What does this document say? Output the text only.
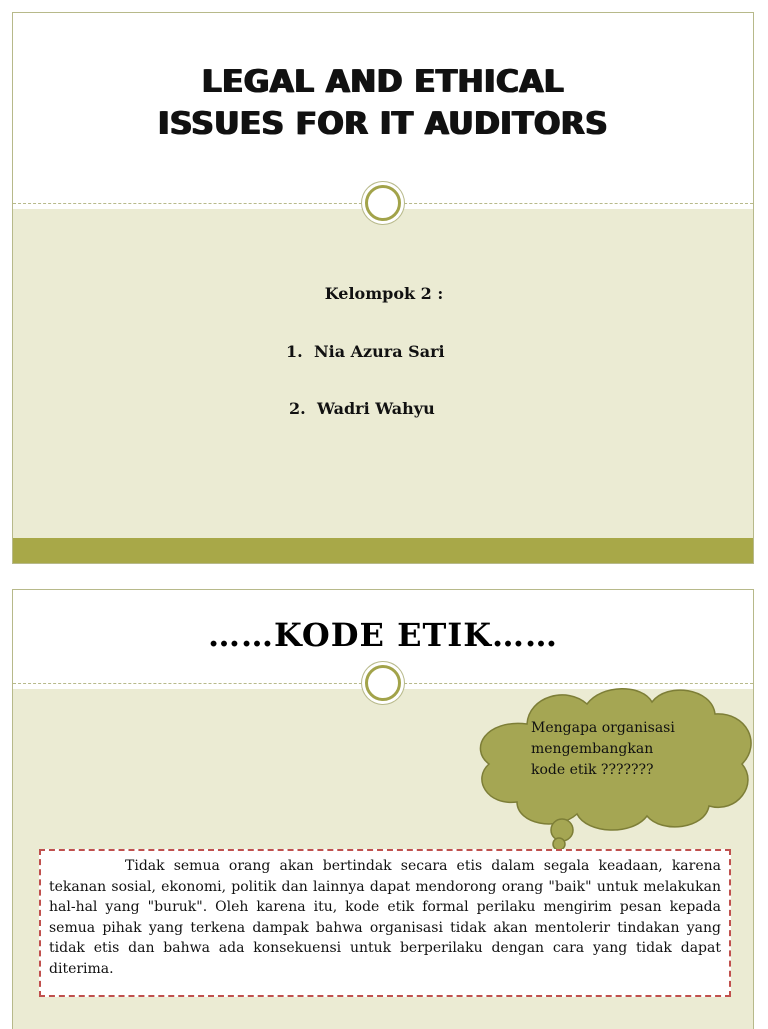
LEGAL AND ETHICAL
ISSUES FOR IT AUDITORS
Kelompok 2 :
1. Nia Azura Sari
2. Wadri Wahyu
……KODE ETIK……
Mengapa organisasi
mengembangkan
kode etik ???????

Tidak semua orang akan bertindak secara etis dalam segala keadaan, karena tekanan sosial, ekonomi, politik dan lainnya dapat mendorong orang "baik" untuk melakukan hal-hal yang "buruk". Oleh karena itu, kode etik formal perilaku mengirim pesan kepada semua pihak yang terkena dampak bahwa organisasi tidak akan mentolerir tindakan yang tidak etis dan bahwa ada konsekuensi untuk berperilaku dengan cara yang tidak dapat diterima.
